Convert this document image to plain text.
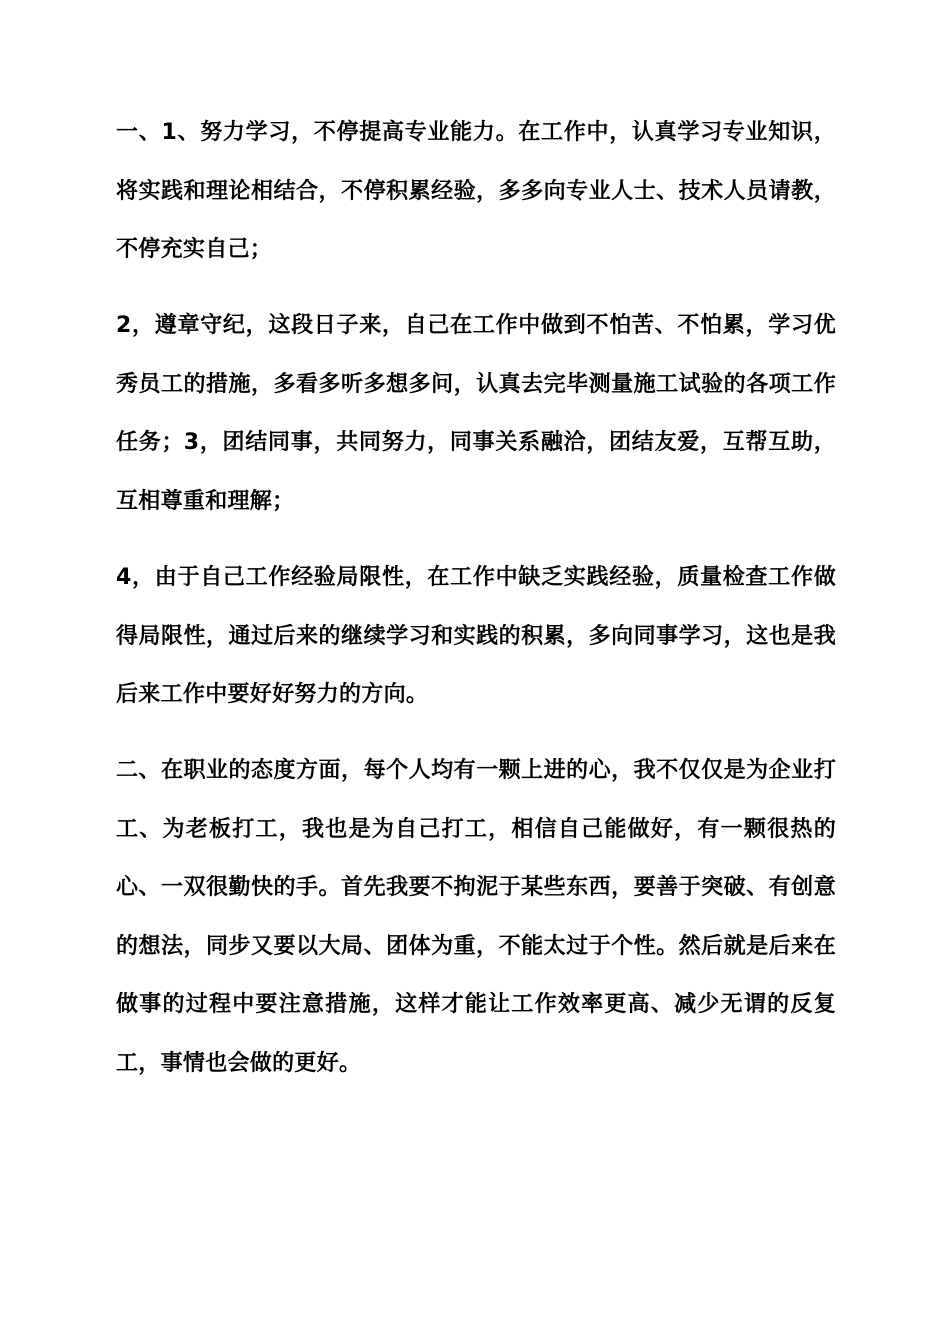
一、1、努力学习，不停提高专业能力。在工作中，认真学习专业知识，将实践和理论相结合，不停积累经验，多多向专业人士、技术人员请教，不停充实自己；

2，遵章守纪，这段日子来，自己在工作中做到不怕苦、不怕累，学习优秀员工的措施，多看多听多想多问，认真去完毕测量施工试验的各项工作任务；3，团结同事，共同努力，同事关系融洽，团结友爱，互帮互助，互相尊重和理解；

4，由于自己工作经验局限性，在工作中缺乏实践经验，质量检查工作做得局限性，通过后来的继续学习和实践的积累，多向同事学习，这也是我后来工作中要好好努力的方向。

二、在职业的态度方面，每个人均有一颗上进的心，我不仅仅是为企业打工、为老板打工，我也是为自己打工，相信自己能做好，有一颗很热的心、一双很勤快的手。首先我要不拘泥于某些东西，要善于突破、有创意的想法，同步又要以大局、团体为重，不能太过于个性。然后就是后来在做事的过程中要注意措施，这样才能让工作效率更高、减少无谓的反复工，事情也会做的更好。
